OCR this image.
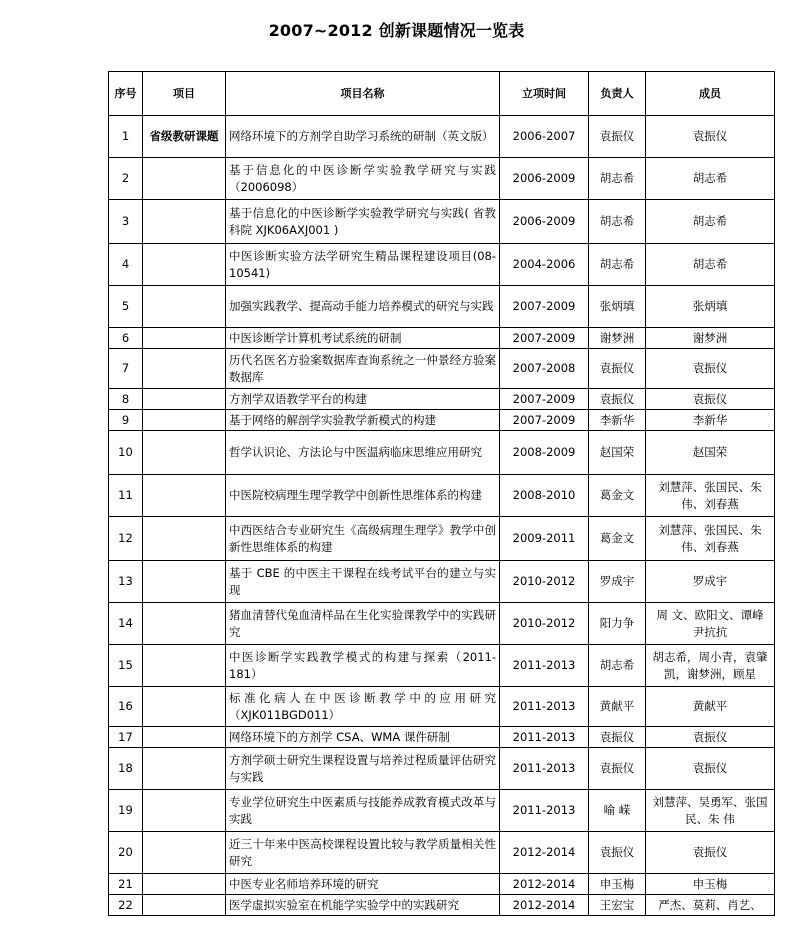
2007~2012 创新课题情况一览表
序号	项目	项目名称	立项时间	负责人	成员
1	省级教研课题	网络环境下的方剂学自助学习系统的研制（英文版）	2006-2007	袁振仪	袁振仪
2		基于信息化的中医诊断学实验教学研究与实践（2006098）	2006-2009	胡志希	胡志希
3		基于信息化的中医诊断学实验教学研究与实践( 省教科院 XJK06AXJ001 )	2006-2009	胡志希	胡志希
4		中医诊断实验方法学研究生精品课程建设项目(08-10541)	2004-2006	胡志希	胡志希
5		加强实践教学、提高动手能力培养模式的研究与实践	2007-2009	张炳填	张炳填
6		中医诊断学计算机考试系统的研制	2007-2009	谢梦洲	谢梦洲
7		历代名医名方验案数据库查询系统之一仲景经方验案数据库	2007-2008	袁振仪	袁振仪
8		方剂学双语教学平台的构建	2007-2009	袁振仪	袁振仪
9		基于网络的解剖学实验教学新模式的构建	2007-2009	李新华	李新华
10		哲学认识论、方法论与中医温病临床思维应用研究	2008-2009	赵国荣	赵国荣
11		中医院校病理生理学教学中创新性思维体系的构建	2008-2010	葛金文	刘慧萍、张国民、朱伟、刘春燕
12		中西医结合专业研究生《高级病理生理学》教学中创新性思维体系的构建	2009-2011	葛金文	刘慧萍、张国民、朱伟、刘春燕
13		基于 CBE 的中医主干课程在线考试平台的建立与实现	2010-2012	罗成宇	罗成宇
14		猪血清替代兔血清样品在生化实验课教学中的实践研究	2010-2012	阳力争	周 文、欧阳文、谭峰 尹抗抗
15		中医诊断学实践教学模式的构建与探索（2011-181）	2011-2013	胡志希	胡志希，周小青，袁肇凯，谢梦洲，顾星
16		标准化病人在中医诊断教学中的应用研究（XJK011BGD011）	2011-2013	黄献平	黄献平
17		网络环境下的方剂学 CSA、WMA 课件研制	2011-2013	袁振仪	袁振仪
18		方剂学硕士研究生课程设置与培养过程质量评估研究与实践	2011-2013	袁振仪	袁振仪
19		专业学位研究生中医素质与技能养成教育模式改革与实践	2011-2013	喻 嵘	刘慧萍、吴勇军、张国民、朱 伟
20		近三十年来中医高校课程设置比较与教学质量相关性研究	2012-2014	袁振仪	袁振仪
21		中医专业名师培养环境的研究	2012-2014	申玉梅	申玉梅
22		医学虚拟实验室在机能学实验学中的实践研究	2012-2014	王宏宝	严杰、莫莉、肖艺、
